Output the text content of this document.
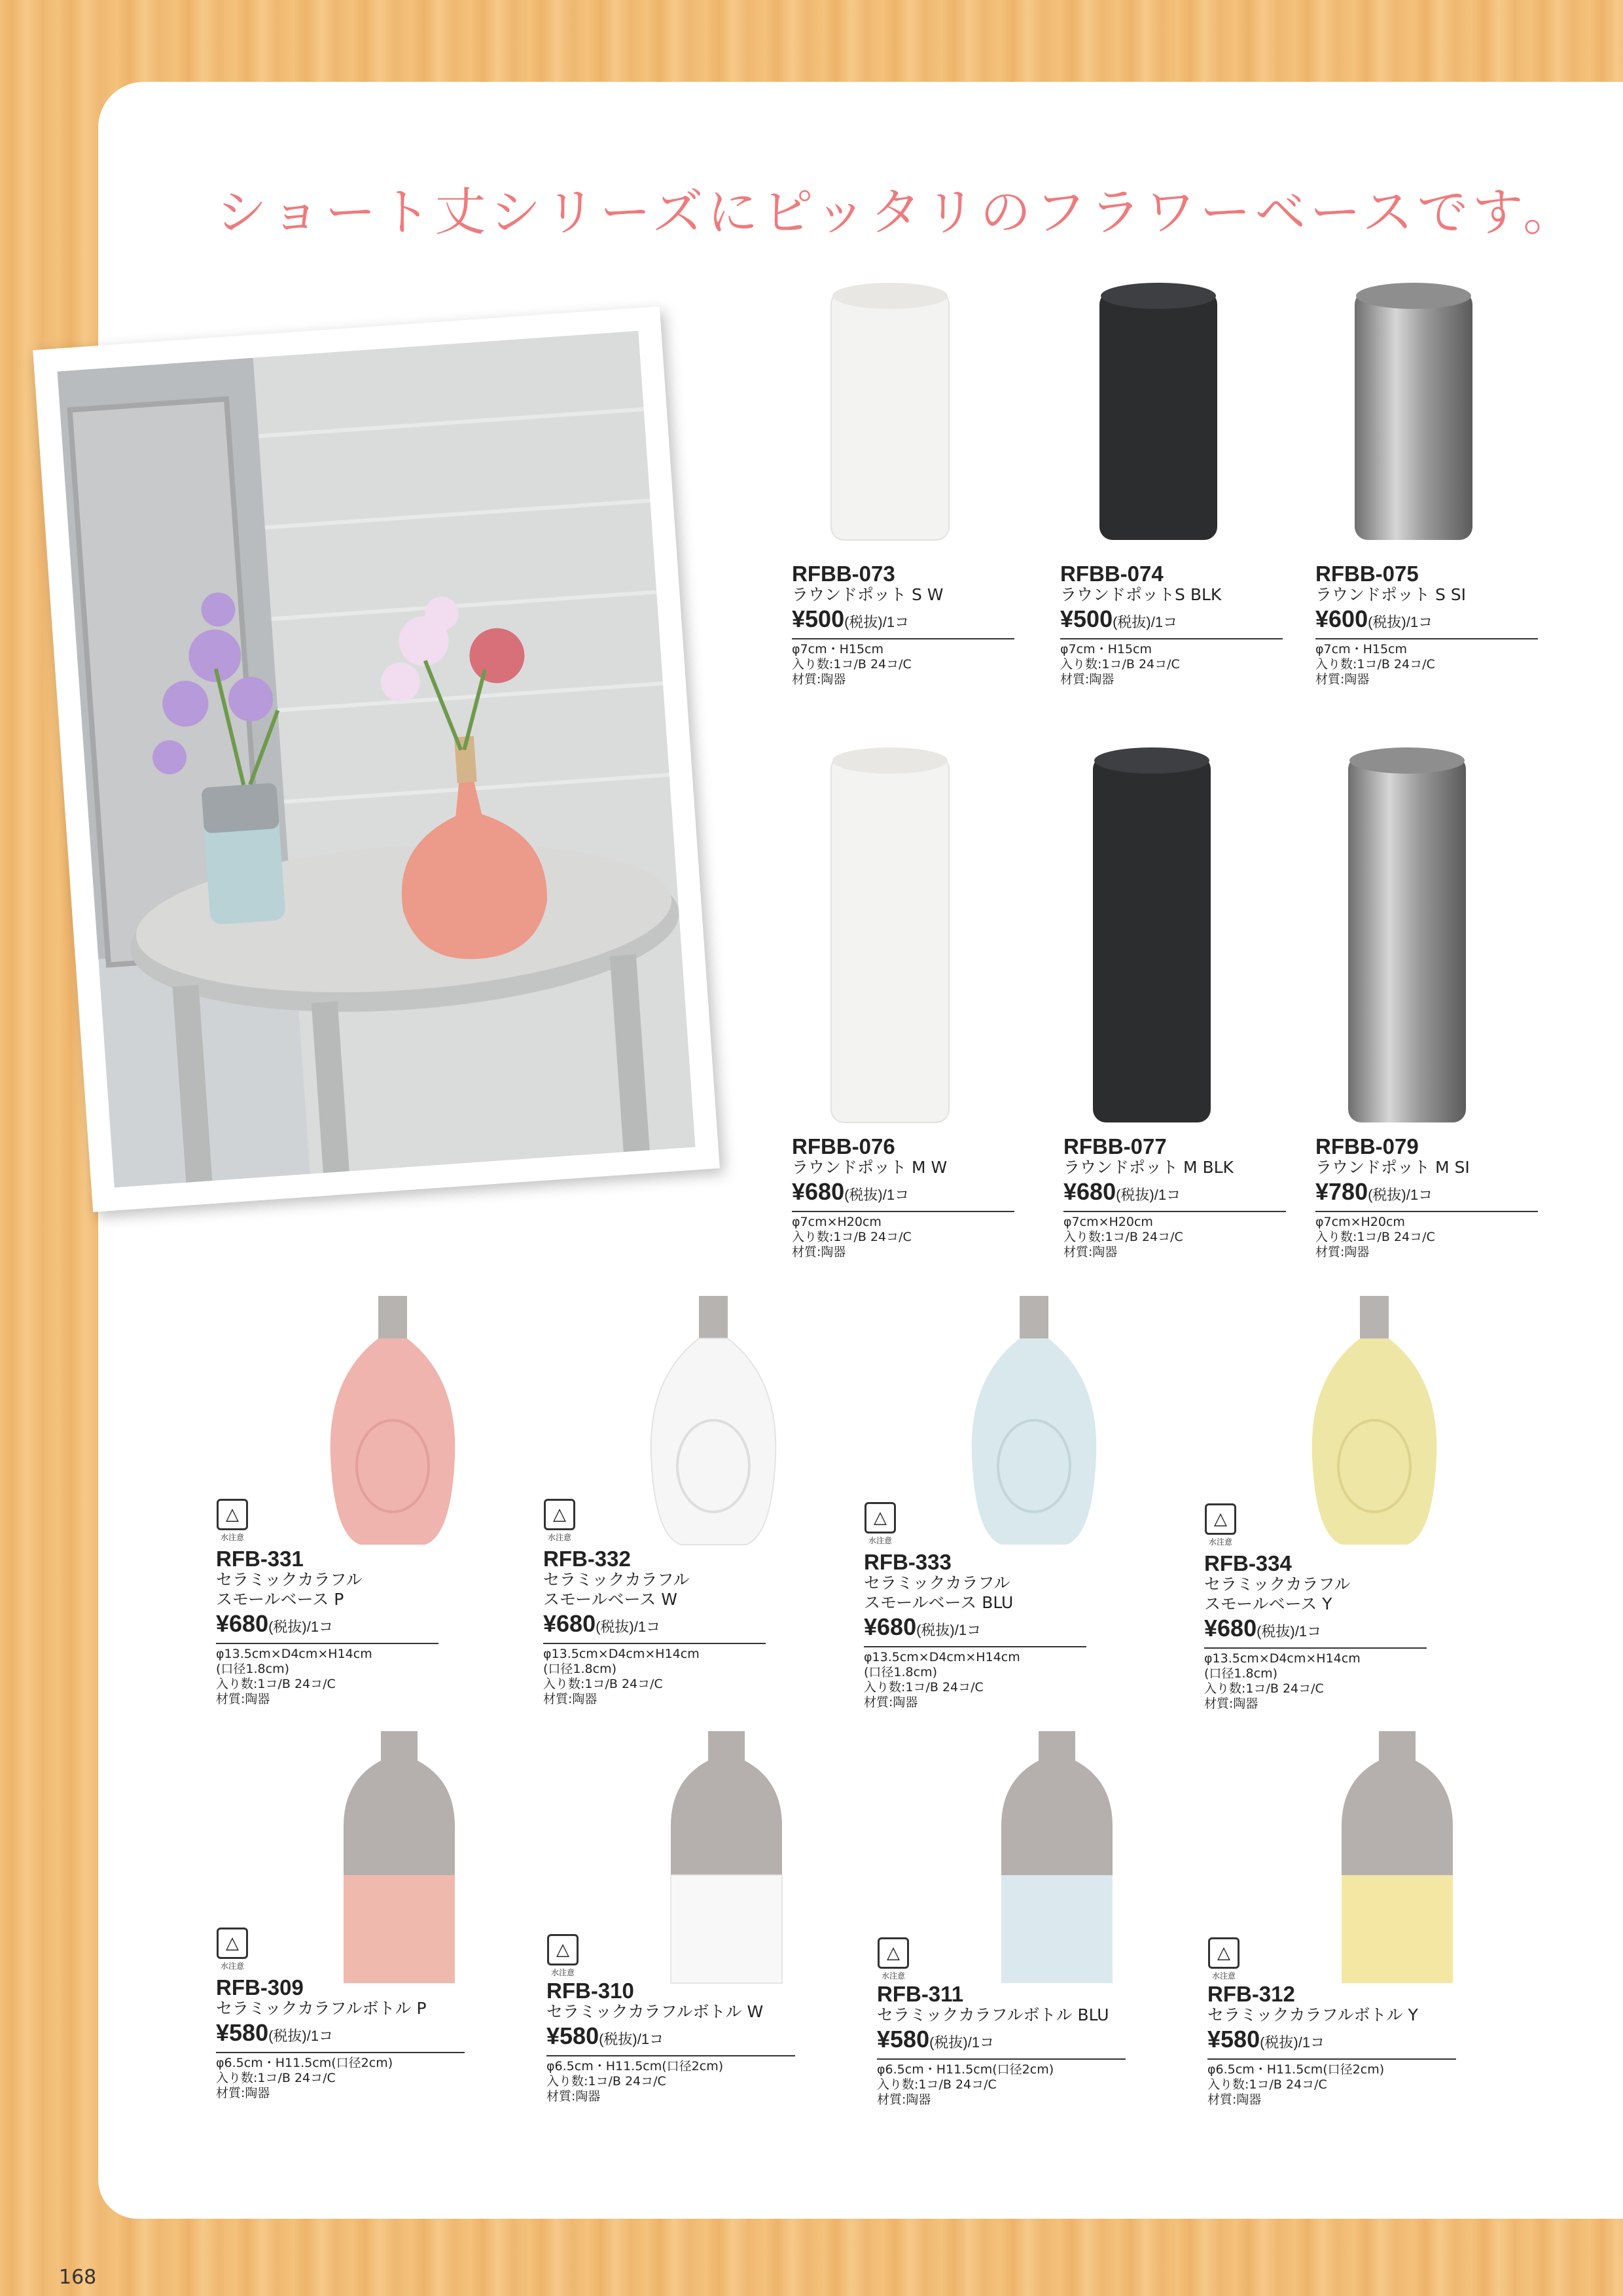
ショート丈シリーズにピッタリのフラワーベースです。
RFBB-073
ラウンドポット S W
¥500(税抜)/1コ
φ7cm・H15cm
入り数:1コ/B 24コ/C
材質:陶器
RFBB-074
ラウンドポットS BLK
¥500(税抜)/1コ
φ7cm・H15cm
入り数:1コ/B 24コ/C
材質:陶器
RFBB-075
ラウンドポット S SI
¥600(税抜)/1コ
φ7cm・H15cm
入り数:1コ/B 24コ/C
材質:陶器
RFBB-076
ラウンドポット M W
¥680(税抜)/1コ
φ7cm×H20cm
入り数:1コ/B 24コ/C
材質:陶器
RFBB-077
ラウンドポット M BLK
¥680(税抜)/1コ
φ7cm×H20cm
入り数:1コ/B 24コ/C
材質:陶器
RFBB-079
ラウンドポット M SI
¥780(税抜)/1コ
φ7cm×H20cm
入り数:1コ/B 24コ/C
材質:陶器
△
水注意
RFB-331
セラミックカラフル
スモールベース P
¥680(税抜)/1コ
φ13.5cm×D4cm×H14cm
(口径1.8cm)
入り数:1コ/B 24コ/C
材質:陶器
△
水注意
RFB-332
セラミックカラフル
スモールベース W
¥680(税抜)/1コ
φ13.5cm×D4cm×H14cm
(口径1.8cm)
入り数:1コ/B 24コ/C
材質:陶器
△
水注意
RFB-333
セラミックカラフル
スモールベース BLU
¥680(税抜)/1コ
φ13.5cm×D4cm×H14cm
(口径1.8cm)
入り数:1コ/B 24コ/C
材質:陶器
△
水注意
RFB-334
セラミックカラフル
スモールベース Y
¥680(税抜)/1コ
φ13.5cm×D4cm×H14cm
(口径1.8cm)
入り数:1コ/B 24コ/C
材質:陶器
△
水注意
RFB-309
セラミックカラフルボトル P
¥580(税抜)/1コ
φ6.5cm・H11.5cm(口径2cm)
入り数:1コ/B 24コ/C
材質:陶器
△
水注意
RFB-310
セラミックカラフルボトル W
¥580(税抜)/1コ
φ6.5cm・H11.5cm(口径2cm)
入り数:1コ/B 24コ/C
材質:陶器
△
水注意
RFB-311
セラミックカラフルボトル BLU
¥580(税抜)/1コ
φ6.5cm・H11.5cm(口径2cm)
入り数:1コ/B 24コ/C
材質:陶器
△
水注意
RFB-312
セラミックカラフルボトル Y
¥580(税抜)/1コ
φ6.5cm・H11.5cm(口径2cm)
入り数:1コ/B 24コ/C
材質:陶器
168
